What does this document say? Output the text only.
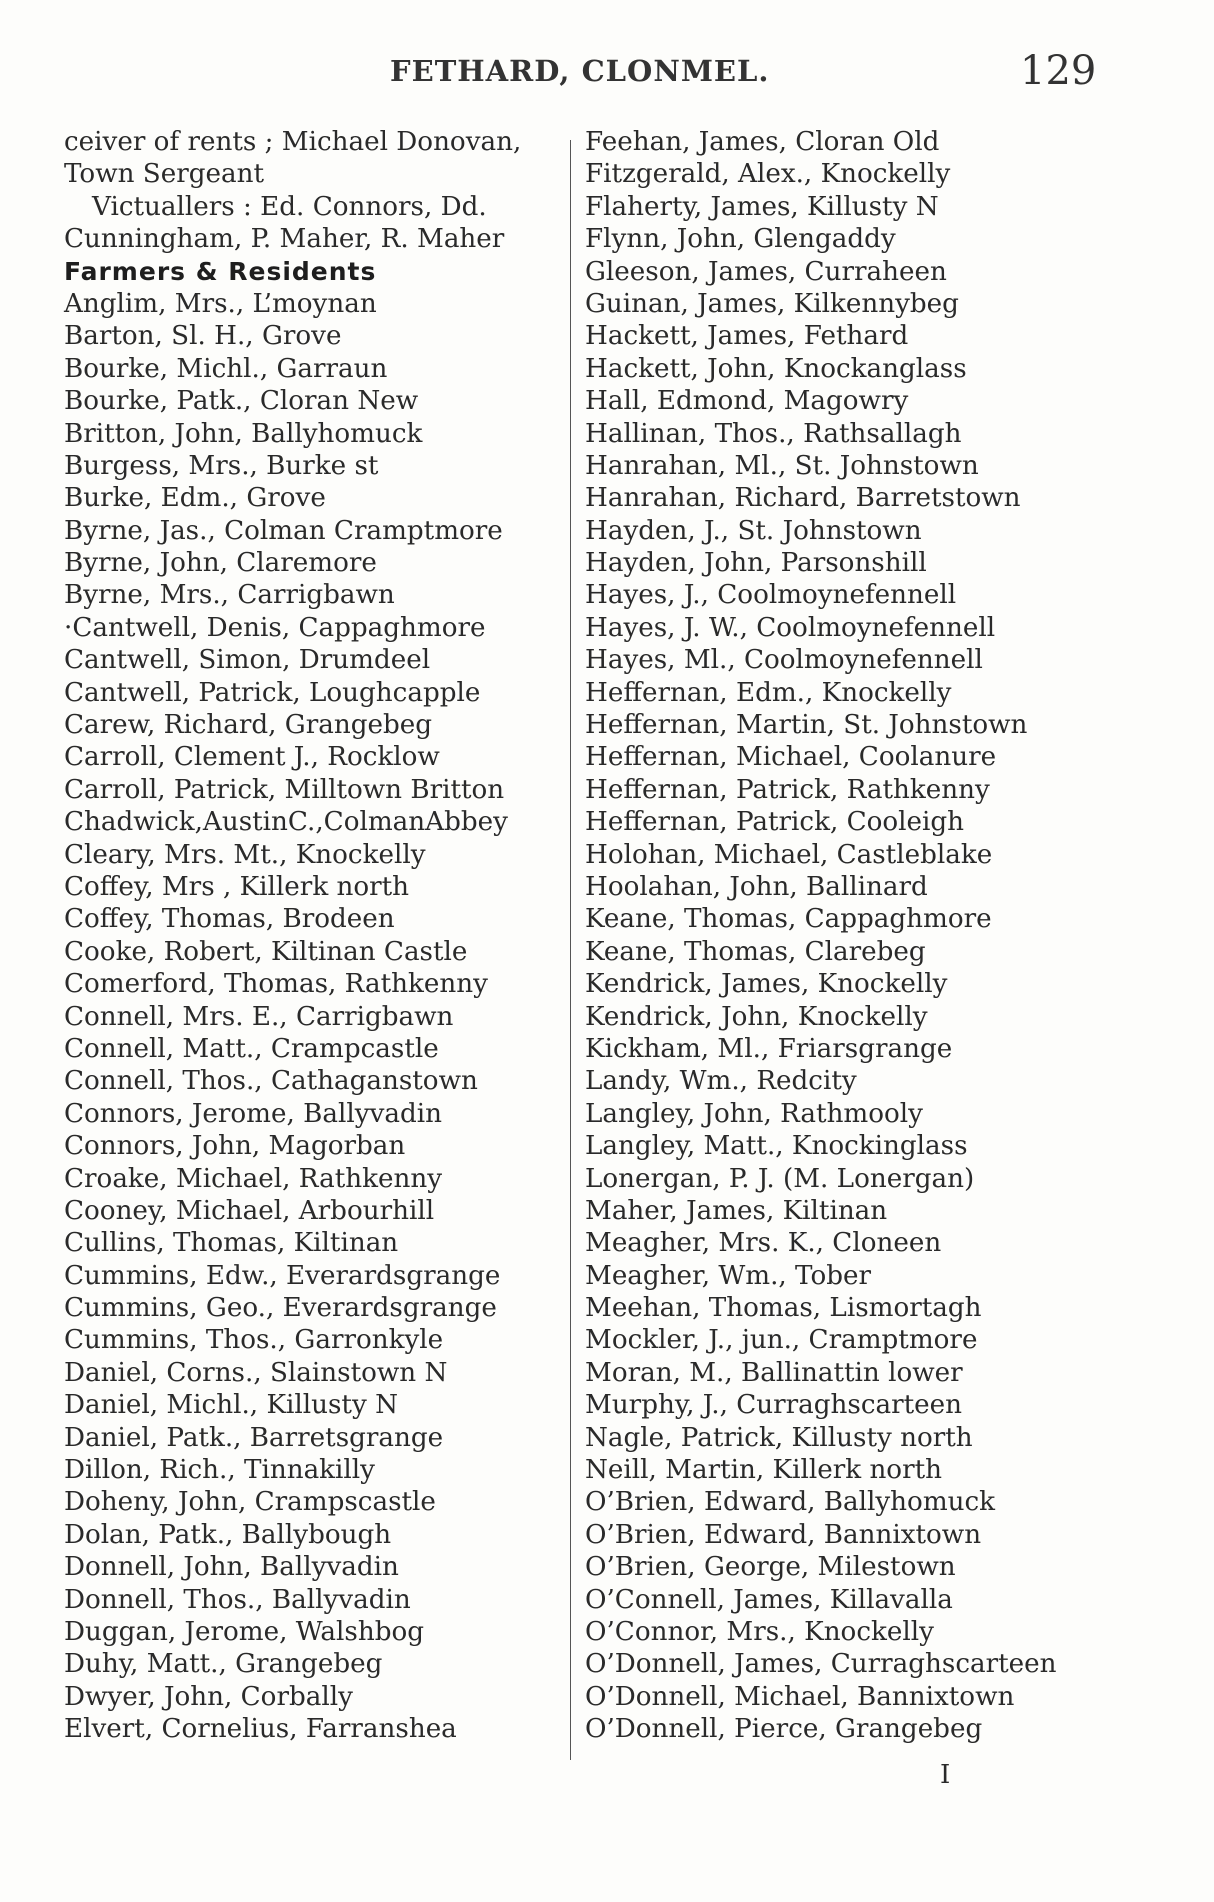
FETHARD, CLONMEL.	129
ceiver of rents ; Michael Donovan,
Town Sergeant
Victuallers : Ed. Connors, Dd.
Cunningham, P. Maher, R. Maher
Farmers & Residents
Anglim, Mrs., L’moynan
Barton, Sl. H., Grove
Bourke, Michl., Garraun
Bourke, Patk., Cloran New
Britton, John, Ballyhomuck
Burgess, Mrs., Burke st
Burke, Edm., Grove
Byrne, Jas., Colman Cramptmore
Byrne, John, Claremore
Byrne, Mrs., Carrigbawn
·Cantwell, Denis, Cappaghmore
Cantwell, Simon, Drumdeel
Cantwell, Patrick, Loughcapple
Carew, Richard, Grangebeg
Carroll, Clement J., Rocklow
Carroll, Patrick, Milltown Britton
Chadwick,AustinC.,ColmanAbbey
Cleary, Mrs. Mt., Knockelly
Coffey, Mrs , Killerk north
Coffey, Thomas, Brodeen
Cooke, Robert, Kiltinan Castle
Comerford, Thomas, Rathkenny
Connell, Mrs. E., Carrigbawn
Connell, Matt., Crampcastle
Connell, Thos., Cathaganstown
Connors, Jerome, Ballyvadin
Connors, John, Magorban
Croake, Michael, Rathkenny
Cooney, Michael, Arbourhill
Cullins, Thomas, Kiltinan
Cummins, Edw., Everardsgrange
Cummins, Geo., Everardsgrange
Cummins, Thos., Garronkyle
Daniel, Corns., Slainstown N
Daniel, Michl., Killusty N
Daniel, Patk., Barretsgrange
Dillon, Rich., Tinnakilly
Doheny, John, Crampscastle
Dolan, Patk., Ballybough
Donnell, John, Ballyvadin
Donnell, Thos., Ballyvadin
Duggan, Jerome, Walshbog
Duhy, Matt., Grangebeg
Dwyer, John, Corbally
Elvert, Cornelius, Farranshea
Feehan, James, Cloran Old
Fitzgerald, Alex., Knockelly
Flaherty, James, Killusty N
Flynn, John, Glengaddy
Gleeson, James, Curraheen
Guinan, James, Kilkennybeg
Hackett, James, Fethard
Hackett, John, Knockanglass
Hall, Edmond, Magowry
Hallinan, Thos., Rathsallagh
Hanrahan, Ml., St. Johnstown
Hanrahan, Richard, Barretstown
Hayden, J., St. Johnstown
Hayden, John, Parsonshill
Hayes, J., Coolmoynefennell
Hayes, J. W., Coolmoynefennell
Hayes, Ml., Coolmoynefennell
Heffernan, Edm., Knockelly
Heffernan, Martin, St. Johnstown
Heffernan, Michael, Coolanure
Heffernan, Patrick, Rathkenny
Heffernan, Patrick, Cooleigh
Holohan, Michael, Castleblake
Hoolahan, John, Ballinard
Keane, Thomas, Cappaghmore
Keane, Thomas, Clarebeg
Kendrick, James, Knockelly
Kendrick, John, Knockelly
Kickham, Ml., Friarsgrange
Landy, Wm., Redcity
Langley, John, Rathmooly
Langley, Matt., Knockinglass
Lonergan, P. J. (M. Lonergan)
Maher, James, Kiltinan
Meagher, Mrs. K., Cloneen
Meagher, Wm., Tober
Meehan, Thomas, Lismortagh
Mockler, J., jun., Cramptmore
Moran, M., Ballinattin lower
Murphy, J., Curraghscarteen
Nagle, Patrick, Killusty north
Neill, Martin, Killerk north
O’Brien, Edward, Ballyhomuck
O’Brien, Edward, Bannixtown
O’Brien, George, Milestown
O’Connell, James, Killavalla
O’Connor, Mrs., Knockelly
O’Donnell, James, Curraghscarteen
O’Donnell, Michael, Bannixtown
O’Donnell, Pierce, Grangebeg
I
